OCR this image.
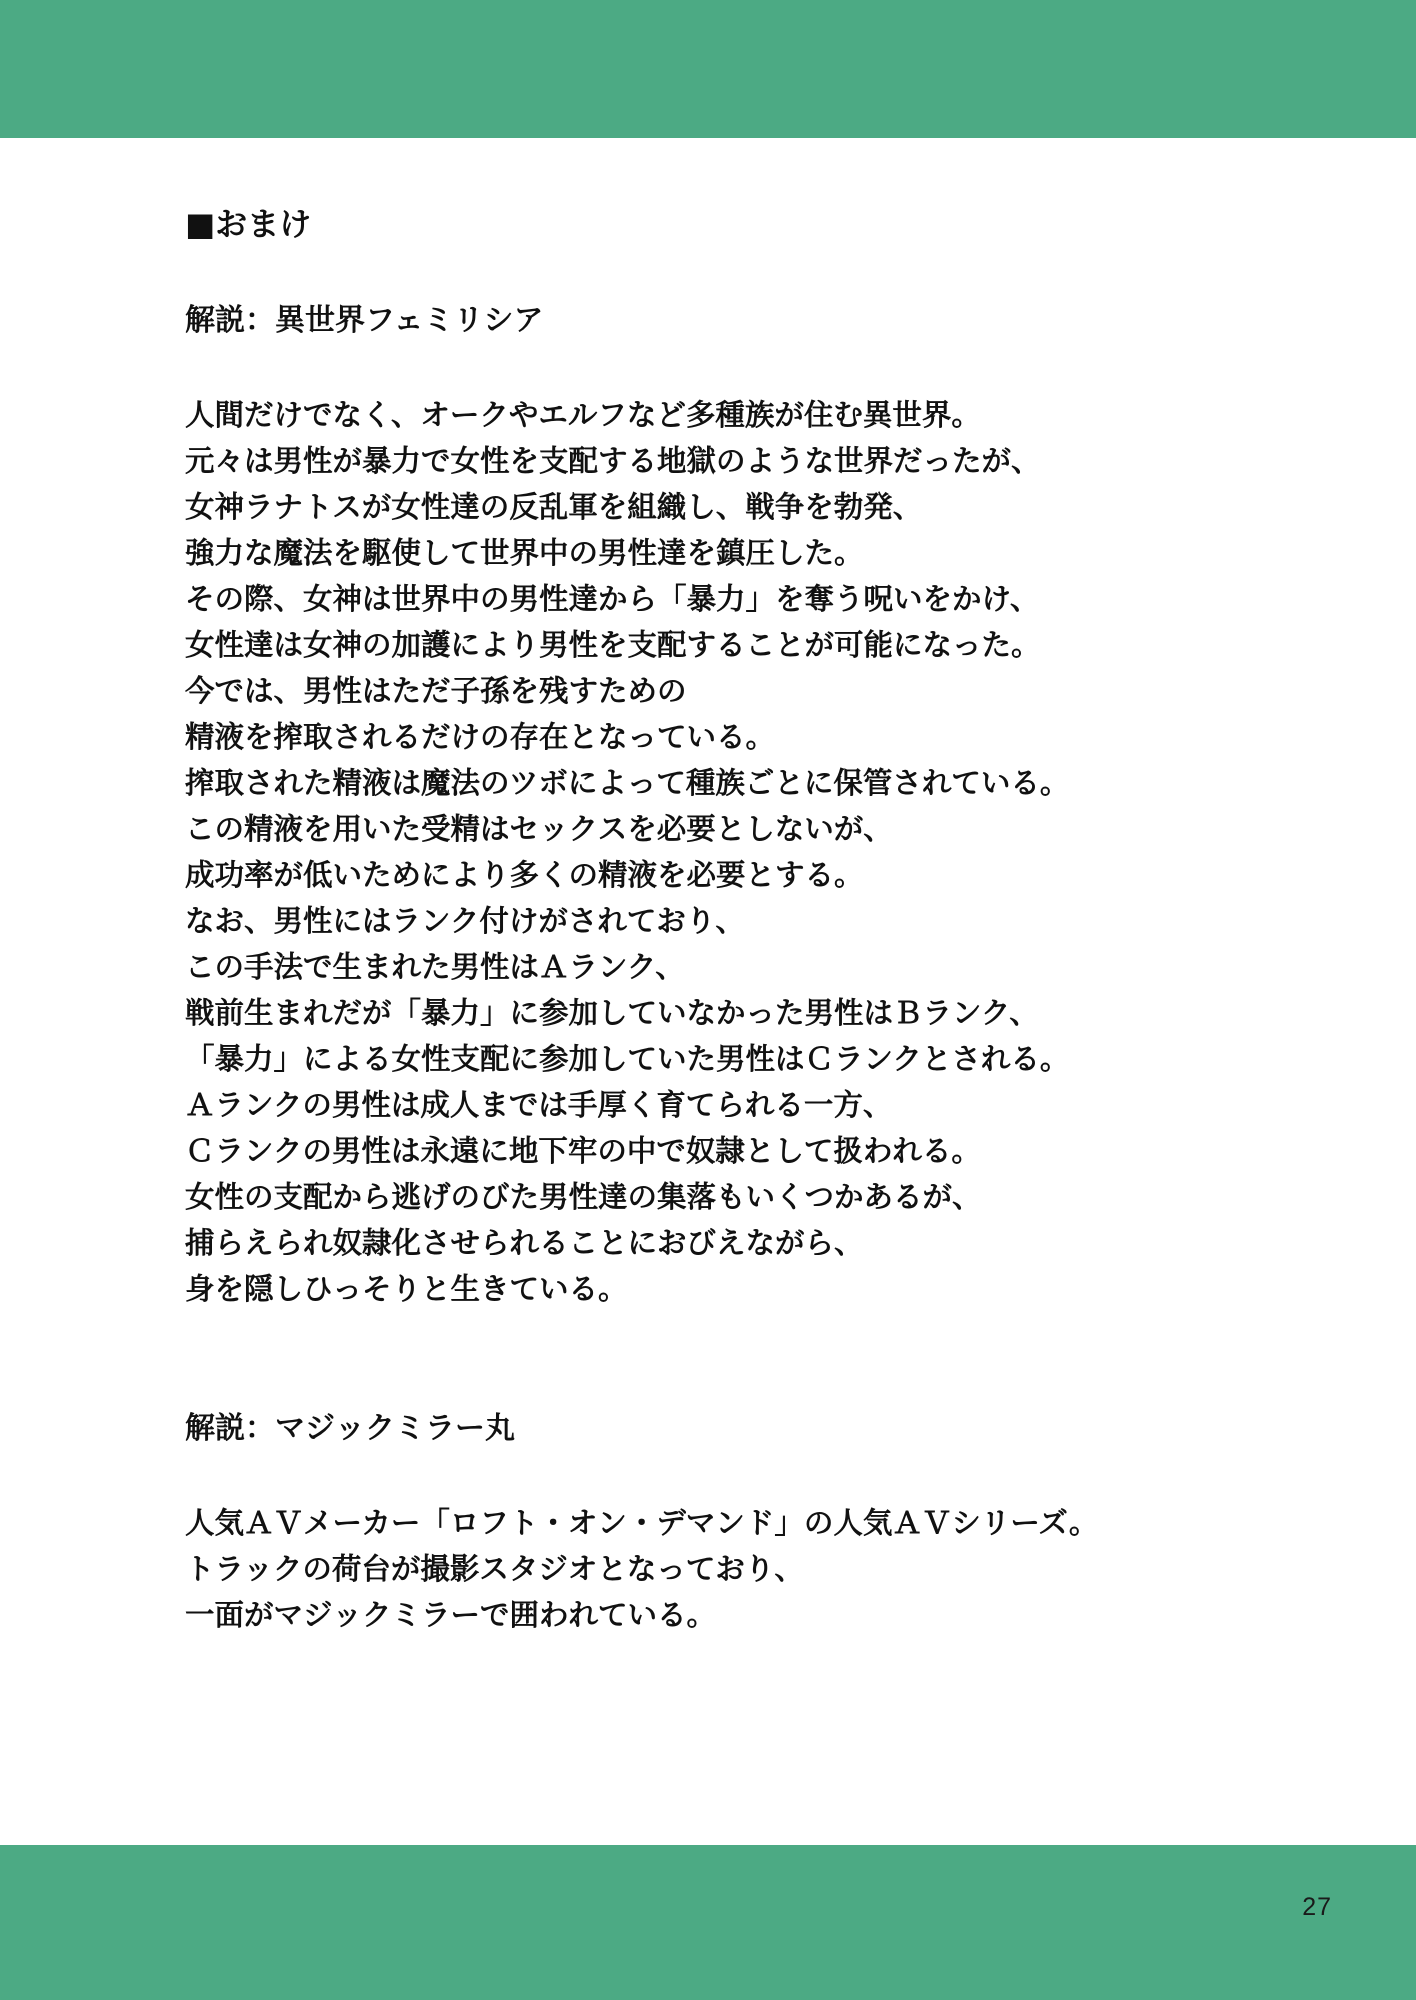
■おまけ
解説：異世界フェミリシア

人間だけでなく、オークやエルフなど多種族が住む異世界。
元々は男性が暴力で女性を支配する地獄のような世界だったが、
女神ラナトスが女性達の反乱軍を組織し、戦争を勃発、
強力な魔法を駆使して世界中の男性達を鎮圧した。
その際、女神は世界中の男性達から「暴力」を奪う呪いをかけ、
女性達は女神の加護により男性を支配することが可能になった。
今では、男性はただ子孫を残すための
精液を搾取されるだけの存在となっている。
搾取された精液は魔法のツボによって種族ごとに保管されている。
この精液を用いた受精はセックスを必要としないが、
成功率が低いためにより多くの精液を必要とする。
なお、男性にはランク付けがされており、
この手法で生まれた男性はＡランク、
戦前生まれだが「暴力」に参加していなかった男性はＢランク、
「暴力」による女性支配に参加していた男性はＣランクとされる。
Ａランクの男性は成人までは手厚く育てられる一方、
Ｃランクの男性は永遠に地下牢の中で奴隷として扱われる。
女性の支配から逃げのびた男性達の集落もいくつかあるが、
捕らえられ奴隷化させられることにおびえながら、
身を隠しひっそりと生きている。

解説：マジックミラー丸

人気ＡＶメーカー「ロフト・オン・デマンド」の人気ＡＶシリーズ。
トラックの荷台が撮影スタジオとなっており、
一面がマジックミラーで囲われている。

27
